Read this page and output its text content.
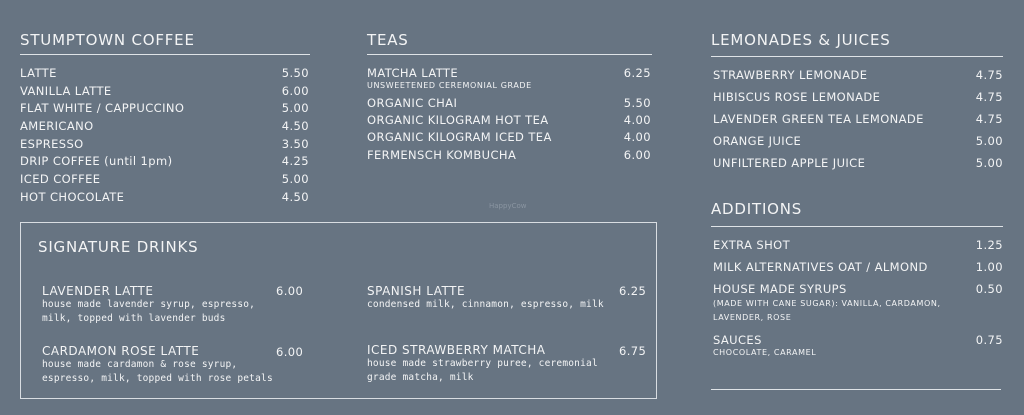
STUMPTOWN COFFEE
LATTE	5.50
VANILLA LATTE	6.00
FLAT WHITE / CAPPUCCINO	5.00
AMERICANO	4.50
ESPRESSO	3.50
DRIP COFFEE (until 1pm)	4.25
ICED COFFEE	5.00
HOT CHOCOLATE	4.50
TEAS
MATCHA LATTE	6.25
UNSWEETENED CEREMONIAL GRADE
ORGANIC CHAI	5.50
ORGANIC KILOGRAM HOT TEA	4.00
ORGANIC KILOGRAM ICED TEA	4.00
FERMENSCH KOMBUCHA	6.00
HappyCow
LEMONADES & JUICES
STRAWBERRY LEMONADE	4.75
HIBISCUS ROSE LEMONADE	4.75
LAVENDER GREEN TEA LEMONADE	4.75
ORANGE JUICE	5.00
UNFILTERED APPLE JUICE	5.00
ADDITIONS
EXTRA SHOT	1.25
MILK ALTERNATIVES OAT / ALMOND	1.00
HOUSE MADE SYRUPS	0.50
(MADE WITH CANE SUGAR): VANILLA, CARDAMON,
LAVENDER, ROSE
SAUCES	0.75
CHOCOLATE, CARAMEL
SIGNATURE DRINKS
LAVENDER LATTE	6.00
house made lavender syrup, espresso,
milk, topped with lavender buds
SPANISH LATTE	6.25
condensed milk, cinnamon, espresso, milk
CARDAMON ROSE LATTE	6.00
house made cardamon & rose syrup,
espresso, milk, topped with rose petals
ICED STRAWBERRY MATCHA	6.75
house made strawberry puree, ceremonial
grade matcha, milk
